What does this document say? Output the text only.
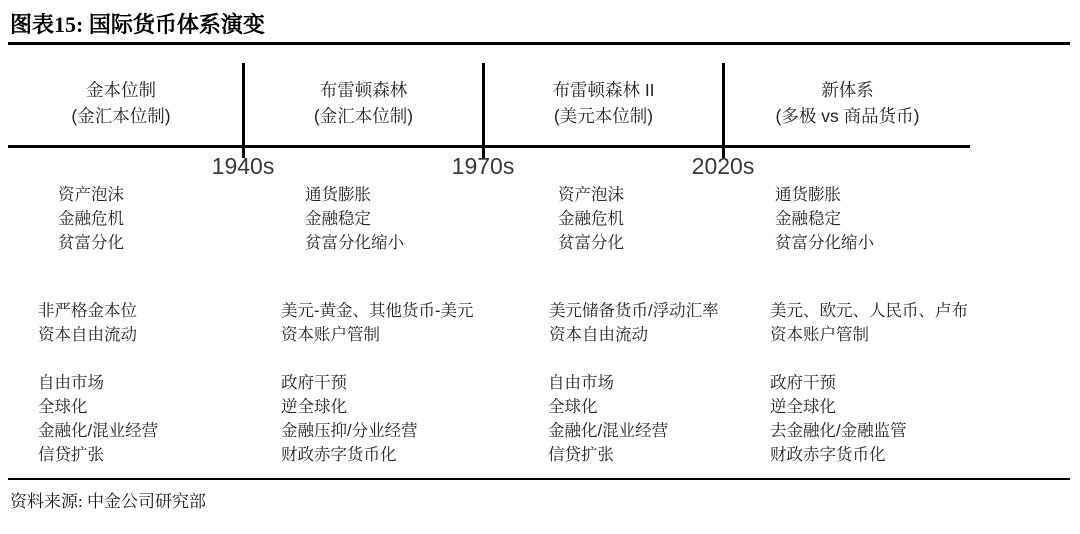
图表15: 国际货币体系演变
金本位制
(金汇本位制)
布雷顿森林
(金汇本位制)
布雷顿森林 II
(美元本位制)
新体系
(多极 vs 商品货币)
1940s	1970s	2020s
资产泡沫
金融危机
贫富分化
非严格金本位
资本自由流动
自由市场
全球化
金融化/混业经营
信贷扩张
通货膨胀
金融稳定
贫富分化缩小
美元-黄金、其他货币-美元
资本账户管制
政府干预
逆全球化
金融压抑/分业经营
财政赤字货币化
资产泡沫
金融危机
贫富分化
美元储备货币/浮动汇率
资本自由流动
自由市场
全球化
金融化/混业经营
信贷扩张
通货膨胀
金融稳定
贫富分化缩小
美元、欧元、人民币、卢布
资本账户管制
政府干预
逆全球化
去金融化/金融监管
财政赤字货币化
资料来源: 中金公司研究部
